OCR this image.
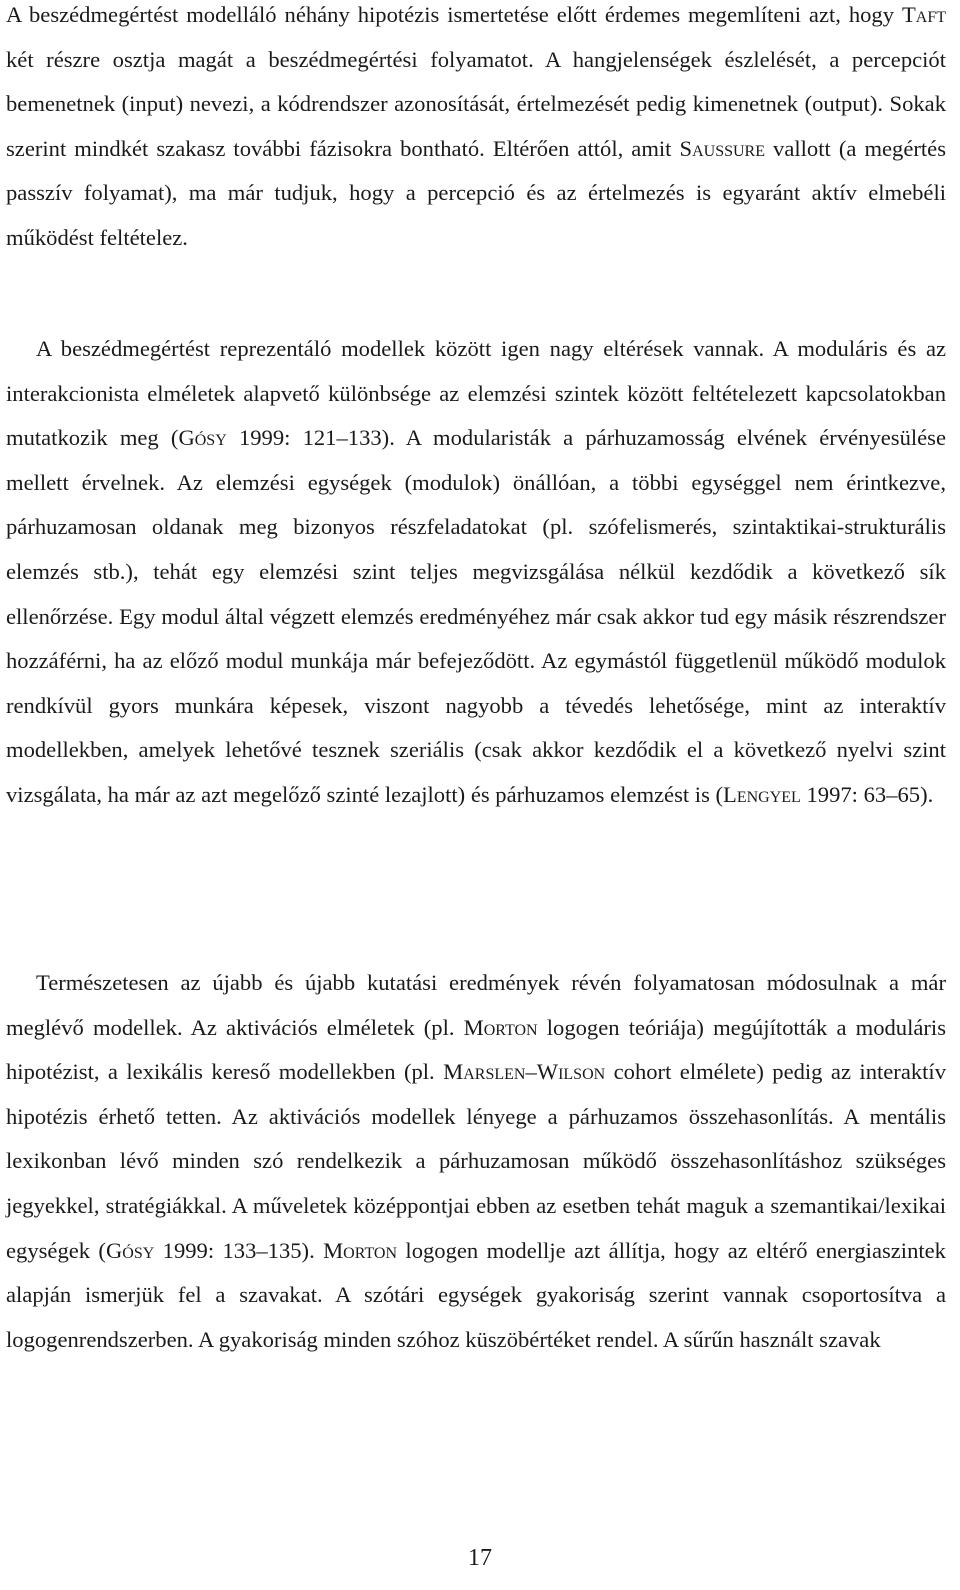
A beszédmegértést modelláló néhány hipotézis ismertetése előtt érdemes megemlíteni azt, hogy Taft két részre osztja magát a beszédmegértési folyamatot. A hangjelenségek észlelését, a percepciót bemenetnek (input) nevezi, a kódrendszer azonosítását, értelmezését pedig kimenetnek (output). Sokak szerint mindkét szakasz további fázisokra bontható. Eltérően attól, amit Saussure vallott (a megértés passzív folyamat), ma már tudjuk, hogy a percepció és az értelmezés is egyaránt aktív elmebéli működést feltételez.

A beszédmegértést reprezentáló modellek között igen nagy eltérések vannak. A moduláris és az interakcionista elméletek alapvető különbsége az elemzési szintek között feltételezett kapcsolatokban mutatkozik meg (Gósy 1999: 121–133). A modularisták a párhuzamosság elvének érvényesülése mellett érvelnek. Az elemzési egységek (modulok) önállóan, a többi egységgel nem érintkezve, párhuzamosan oldanak meg bizonyos részfeladatokat (pl. szófelismerés, szintaktikai-strukturális elemzés stb.), tehát egy elemzési szint teljes megvizsgálása nélkül kezdődik a következő sík ellenőrzése. Egy modul által végzett elemzés eredményéhez már csak akkor tud egy másik részrendszer hozzáférni, ha az előző modul munkája már befejeződött. Az egymástól függetlenül működő modulok rendkívül gyors munkára képesek, viszont nagyobb a tévedés lehetősége, mint az interaktív modellekben, amelyek lehetővé tesznek szeriális (csak akkor kezdődik el a következő nyelvi szint vizsgálata, ha már az azt megelőző szinté lezajlott) és párhuzamos elemzést is (Lengyel 1997: 63–65).

Természetesen az újabb és újabb kutatási eredmények révén folyamatosan módosulnak a már meglévő modellek. Az aktivációs elméletek (pl. Morton logogen teóriája) megújították a moduláris hipotézist, a lexikális kereső modellekben (pl. Marslen–Wilson cohort elmélete) pedig az interaktív hipotézis érhető tetten. Az aktivációs modellek lényege a párhuzamos összehasonlítás. A mentális lexikonban lévő minden szó rendelkezik a párhuzamosan működő összehasonlításhoz szükséges jegyekkel, stratégiákkal. A műveletek középpontjai ebben az esetben tehát maguk a szemantikai/lexikai egységek (Gósy 1999: 133–135). Morton logogen modellje azt állítja, hogy az eltérő energiaszintek alapján ismerjük fel a szavakat. A szótári egységek gyakoriság szerint vannak csoportosítva a logogenrendszerben. A gyakoriság minden szóhoz küszöbértéket rendel. A sűrűn használt szavak

17
